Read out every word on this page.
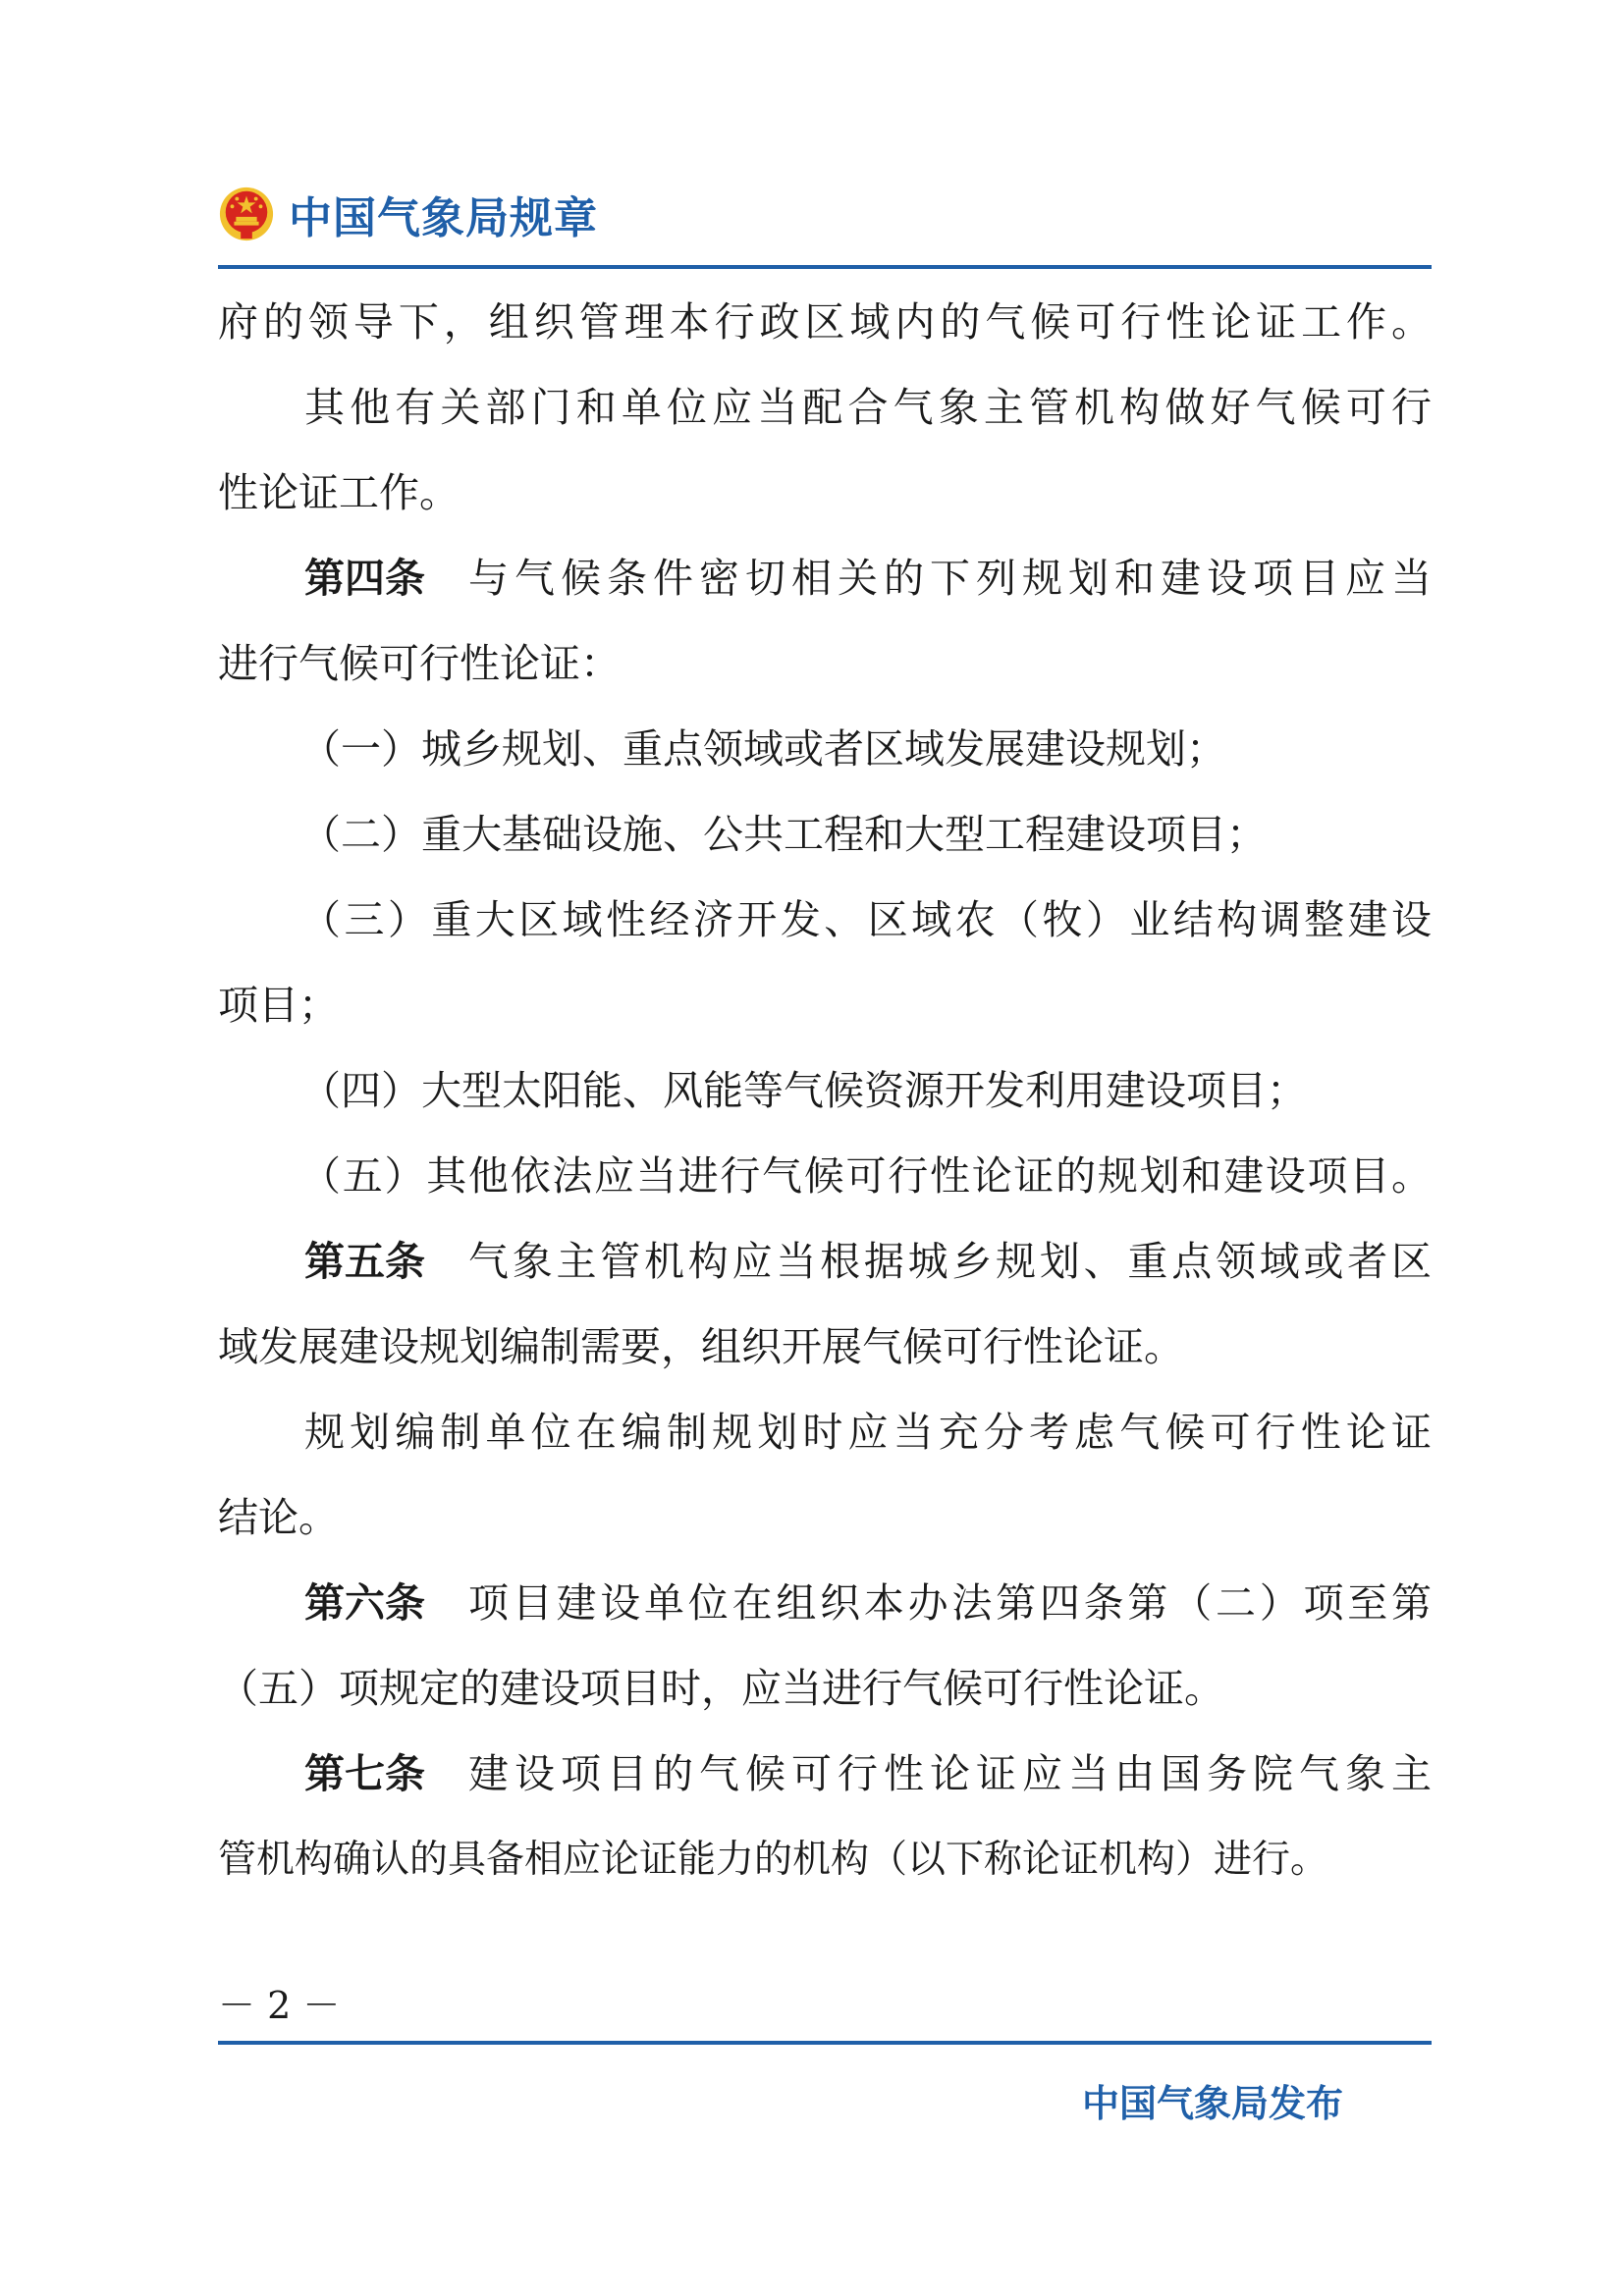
中国气象局规章
府的领导下，组织管理本行政区域内的气候可行性论证工作。
其他有关部门和单位应当配合气象主管机构做好气候可行
性论证工作。
第四条 与气候条件密切相关的下列规划和建设项目应当
进行气候可行性论证：
（一）城乡规划、重点领域或者区域发展建设规划；
（二）重大基础设施、公共工程和大型工程建设项目；
（三）重大区域性经济开发、区域农（牧）业结构调整建设
项目；
（四）大型太阳能、风能等气候资源开发利用建设项目；
（五）其他依法应当进行气候可行性论证的规划和建设项目。
第五条 气象主管机构应当根据城乡规划、重点领域或者区
域发展建设规划编制需要，组织开展气候可行性论证。
规划编制单位在编制规划时应当充分考虑气候可行性论证
结论。
第六条 项目建设单位在组织本办法第四条第（二）项至第
（五）项规定的建设项目时，应当进行气候可行性论证。
第七条 建设项目的气候可行性论证应当由国务院气象主
管机构确认的具备相应论证能力的机构（以下称论证机构）进行。
－ 2 －
中国气象局发布
